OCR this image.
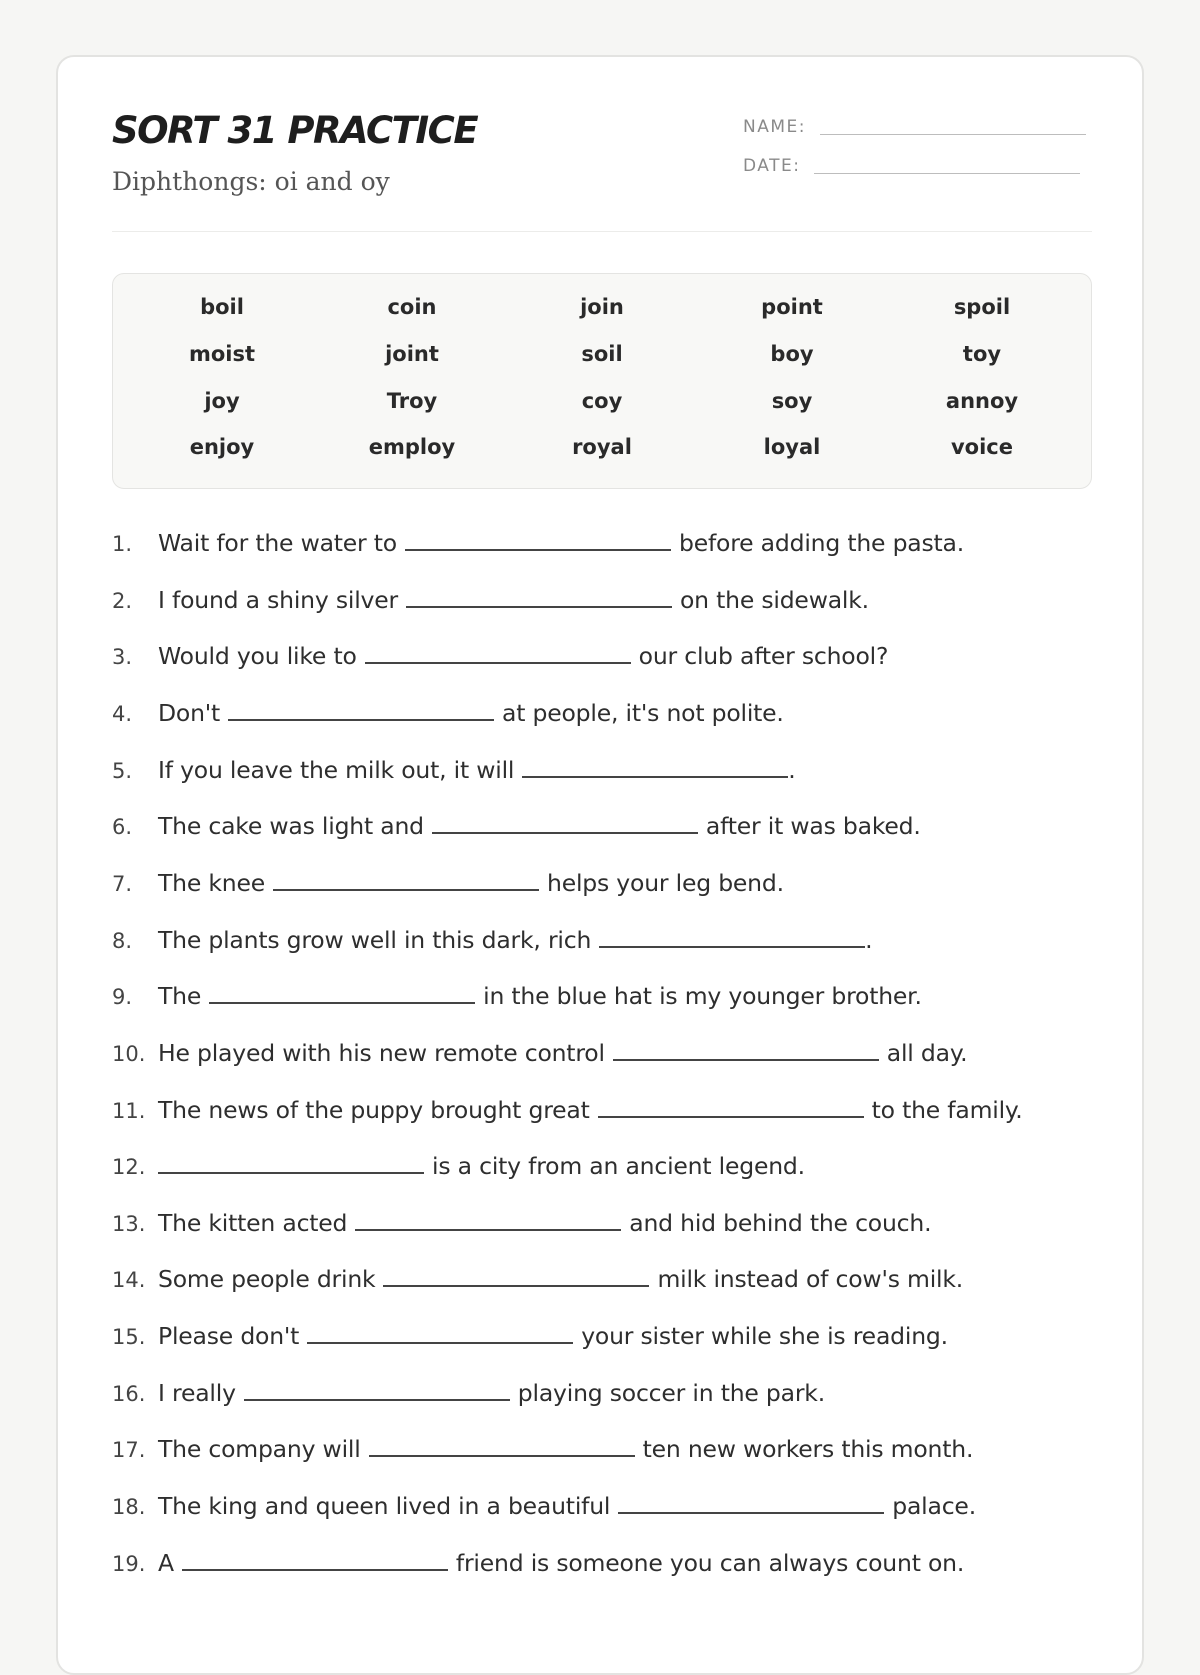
SORT 31 PRACTICE
Diphthongs: oi and oy
NAME:
DATE:
boil	coin	join	point	spoil
moist	joint	soil	boy	toy
joy	Troy	coy	soy	annoy
enjoy	employ	royal	loyal	voice
1.	Wait for the water to	before adding the pasta.
2.	I found a shiny silver	on the sidewalk.
3.	Would you like to	our club after school?
4.	Don't	at people, it's not polite.
5.	If you leave the milk out, it will	.
6.	The cake was light and	after it was baked.
7.	The knee	helps your leg bend.
8.	The plants grow well in this dark, rich	.
9.	The	in the blue hat is my younger brother.
10. He played with his new remote control	all day.
11. The news of the puppy brought great	to the family.
12.	is a city from an ancient legend.
13. The kitten acted	and hid behind the couch.
14. Some people drink	milk instead of cow's milk.
15. Please don't	your sister while she is reading.
16. I really	playing soccer in the park.
17. The company will	ten new workers this month.
18. The king and queen lived in a beautiful	palace.
19. A	friend is someone you can always count on.
